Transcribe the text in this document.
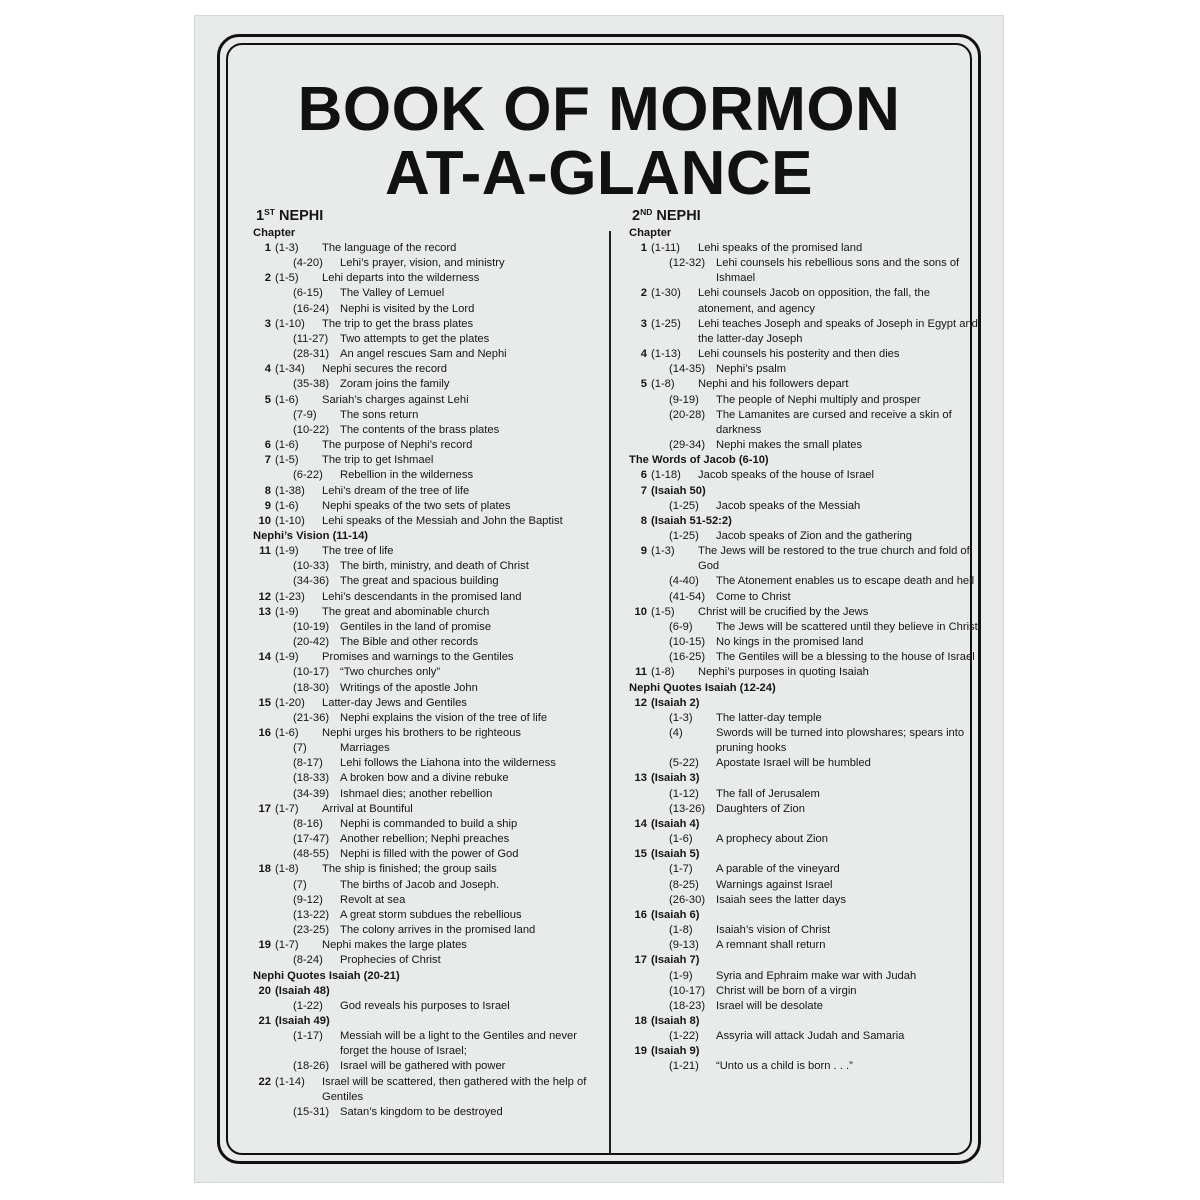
BOOK OF MORMON
AT-A-GLANCE
1ST NEPHI
Chapter
1 (1-3)	The language of the record
(4-20)	Lehi’s prayer, vision, and ministry
2 (1-5)	Lehi departs into the wilderness
(6-15)	The Valley of Lemuel
(16-24) Nephi is visited by the Lord
3 (1-10)	The trip to get the brass plates
(11-27)	Two attempts to get the plates
(28-31) An angel rescues Sam and Nephi
4 (1-34)	Nephi secures the record
(35-38) Zoram joins the family
5 (1-6)	Sariah’s charges against Lehi
(7-9)	The sons return
(10-22) The contents of the brass plates
6 (1-6)	The purpose of Nephi’s record
7 (1-5)	The trip to get Ishmael
(6-22)	Rebellion in the wilderness
8 (1-38)	Lehi’s dream of the tree of life
9 (1-6)	Nephi speaks of the two sets of plates
10 (1-10)	Lehi speaks of the Messiah and John the Baptist
Nephi’s Vision (11-14)
11 (1-9)	The tree of life
(10-33) The birth, ministry, and death of Christ
(34-36) The great and spacious building
12 (1-23)	Lehi’s descendants in the promised land
13 (1-9)	The great and abominable church
(10-19) Gentiles in the land of promise
(20-42) The Bible and other records
14 (1-9)	Promises and warnings to the Gentiles
(10-17) “Two churches only”
(18-30) Writings of the apostle John
15 (1-20)	Latter-day Jews and Gentiles
(21-36) Nephi explains the vision of the tree of life
16 (1-6)	Nephi urges his brothers to be righteous
(7)	Marriages
(8-17)	Lehi follows the Liahona into the wilderness
(18-33) A broken bow and a divine rebuke
(34-39) Ishmael dies; another rebellion
17 (1-7)	Arrival at Bountiful
(8-16)	Nephi is commanded to build a ship
(17-47) Another rebellion; Nephi preaches
(48-55) Nephi is filled with the power of God
18 (1-8)	The ship is finished; the group sails
(7)	The births of Jacob and Joseph.
(9-12)	Revolt at sea
(13-22) A great storm subdues the rebellious
(23-25) The colony arrives in the promised land
19 (1-7)	Nephi makes the large plates
(8-24)	Prophecies of Christ
Nephi Quotes Isaiah (20-21)
20 (Isaiah 48)
(1-22)	God reveals his purposes to Israel
21 (Isaiah 49)
(1-17)	Messiah will be a light to the Gentiles and never forget the house of Israel;
(18-26) Israel will be gathered with power
22 (1-14)	Israel will be scattered, then gathered with the help of Gentiles
(15-31) Satan’s kingdom to be destroyed
2ND NEPHI
Chapter
1 (1-11)	Lehi speaks of the promised land
(12-32) Lehi counsels his rebellious sons and the sons of Ishmael
2 (1-30)	Lehi counsels Jacob on opposition, the fall, the atonement, and agency
3 (1-25)	Lehi teaches Joseph and speaks of Joseph in Egypt and the latter-day Joseph
4 (1-13)	Lehi counsels his posterity and then dies
(14-35) Nephi’s psalm
5 (1-8)	Nephi and his followers depart
(9-19)	The people of Nephi multiply and prosper
(20-28) The Lamanites are cursed and receive a skin of darkness
(29-34) Nephi makes the small plates
The Words of Jacob (6-10)
6 (1-18)	Jacob speaks of the house of Israel
7 (Isaiah 50)
(1-25)	Jacob speaks of the Messiah
8 (Isaiah 51-52:2)
(1-25)	Jacob speaks of Zion and the gathering
9 (1-3)	The Jews will be restored to the true church and fold of God
(4-40)	The Atonement enables us to escape death and hell
(41-54) Come to Christ
10 (1-5)	Christ will be crucified by the Jews
(6-9)	The Jews will be scattered until they believe in Christ
(10-15) No kings in the promised land
(16-25) The Gentiles will be a blessing to the house of Israel
11 (1-8)	Nephi’s purposes in quoting Isaiah
Nephi Quotes Isaiah (12-24)
12 (Isaiah 2)
(1-3)	The latter-day temple
(4)	Swords will be turned into plowshares; spears into pruning hooks
(5-22)	Apostate Israel will be humbled
13 (Isaiah 3)
(1-12)	The fall of Jerusalem
(13-26) Daughters of Zion
14 (Isaiah 4)
(1-6)	A prophecy about Zion
15 (Isaiah 5)
(1-7)	A parable of the vineyard
(8-25)	Warnings against Israel
(26-30) Isaiah sees the latter days
16 (Isaiah 6)
(1-8)	Isaiah’s vision of Christ
(9-13)	A remnant shall return
17 (Isaiah 7)
(1-9)	Syria and Ephraim make war with Judah
(10-17) Christ will be born of a virgin
(18-23) Israel will be desolate
18 (Isaiah 8)
(1-22)	Assyria will attack Judah and Samaria
19 (Isaiah 9)
(1-21)	“Unto us a child is born . . .”
